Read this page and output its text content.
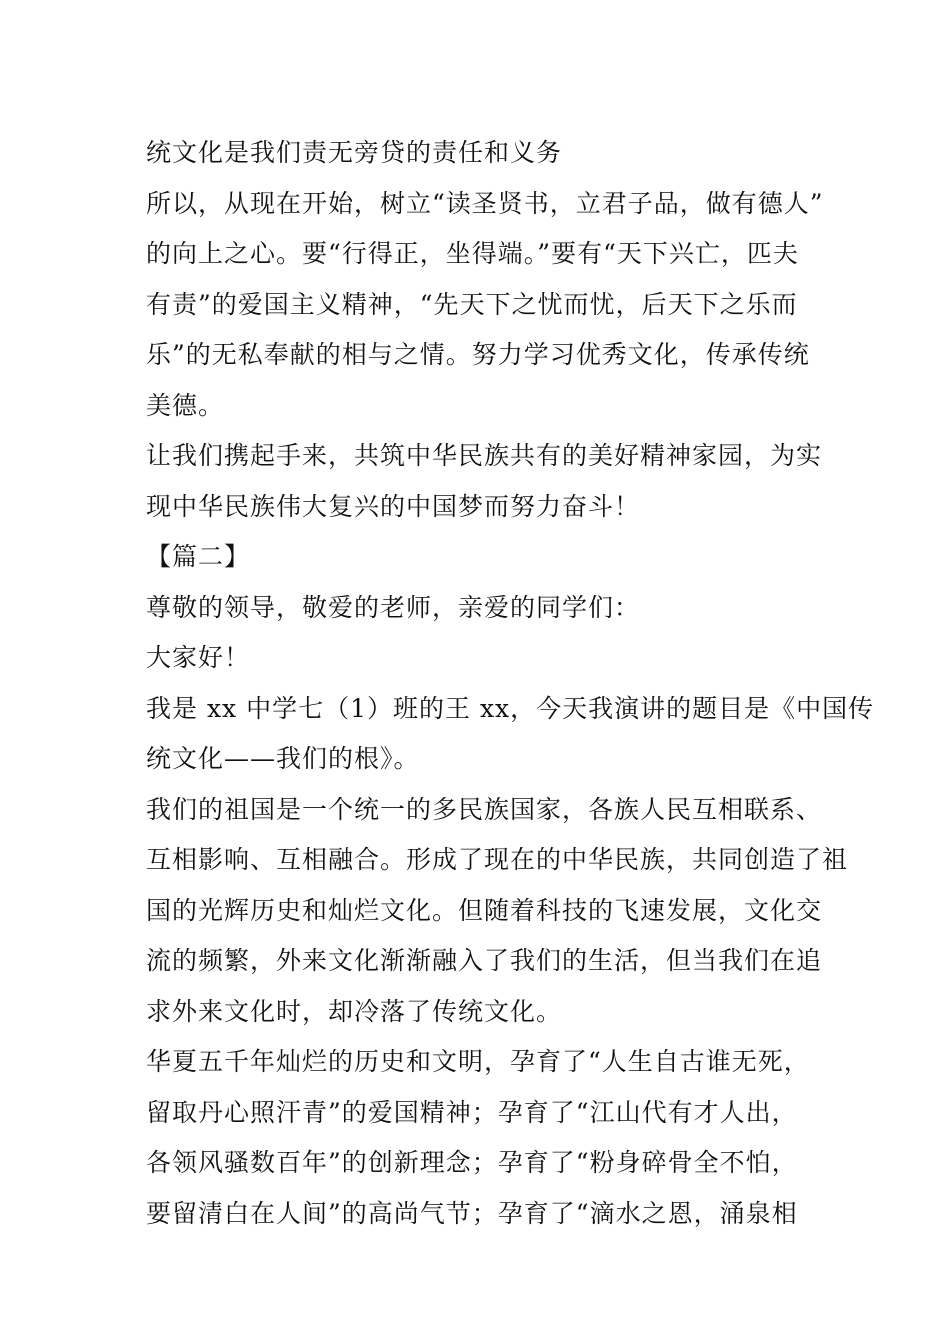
统文化是我们责无旁贷的责任和义务
所以，从现在开始，树立“读圣贤书，立君子品，做有德人”
的向上之心。要“行得正，坐得端。”要有“天下兴亡，匹夫
有责”的爱国主义精神，“先天下之忧而忧，后天下之乐而
乐”的无私奉献的相与之情。努力学习优秀文化，传承传统
美德。
让我们携起手来，共筑中华民族共有的美好精神家园，为实
现中华民族伟大复兴的中国梦而努力奋斗！
【篇二】
尊敬的领导，敬爱的老师，亲爱的同学们：
大家好！
我是 xx 中学七（1）班的王 xx，今天我演讲的题目是《中国传
统文化——我们的根》。
我们的祖国是一个统一的多民族国家，各族人民互相联系、
互相影响、互相融合。形成了现在的中华民族，共同创造了祖
国的光辉历史和灿烂文化。但随着科技的飞速发展，文化交
流的频繁，外来文化渐渐融入了我们的生活，但当我们在追
求外来文化时，却冷落了传统文化。
华夏五千年灿烂的历史和文明，孕育了“人生自古谁无死，
留取丹心照汗青”的爱国精神；孕育了“江山代有才人出，
各领风骚数百年”的创新理念；孕育了“粉身碎骨全不怕，
要留清白在人间”的高尚气节；孕育了“滴水之恩，涌泉相
